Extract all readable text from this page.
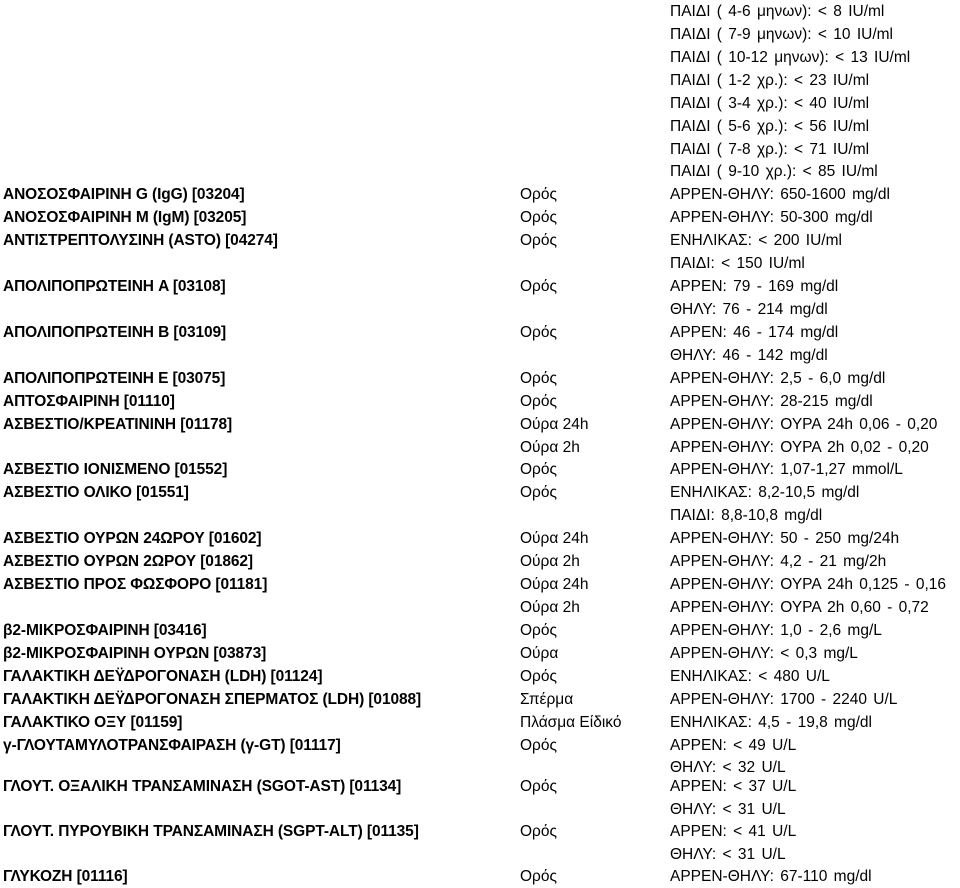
ΠΑΙΔΙ ( 4-6 μηνων): < 8 IU/ml
ΠΑΙΔΙ ( 7-9 μηνων): < 10 IU/ml
ΠΑΙΔΙ ( 10-12 μηνων): < 13 IU/ml
ΠΑΙΔΙ ( 1-2 χρ.): < 23 IU/ml
ΠΑΙΔΙ ( 3-4 χρ.): < 40 IU/ml
ΠΑΙΔΙ ( 5-6 χρ.): < 56 IU/ml
ΠΑΙΔΙ ( 7-8 χρ.): < 71 IU/ml
ΠΑΙΔΙ ( 9-10 χρ.): < 85 IU/ml
ΑΝΟΣΟΣΦΑΙΡΙΝΗ G (IgG) [03204]	Ορός	ΑΡΡΕΝ-ΘΗΛΥ: 650-1600 mg/dl
ΑΝΟΣΟΣΦΑΙΡΙΝΗ M (IgM) [03205]	Ορός	ΑΡΡΕΝ-ΘΗΛΥ: 50-300 mg/dl
ΑΝΤΙΣΤΡΕΠΤΟΛΥΣΙΝΗ (ASTO) [04274]	Ορός	ΕΝΗΛΙΚΑΣ: < 200 IU/ml
ΠΑΙΔΙ: < 150 IU/ml
ΑΠΟΛΙΠΟΠΡΩΤΕΙΝΗ A [03108]	Ορός	ΑΡΡΕΝ: 79 - 169 mg/dl
ΘΗΛΥ: 76 - 214 mg/dl
ΑΠΟΛΙΠΟΠΡΩΤΕΙΝΗ B [03109]	Ορός	ΑΡΡΕΝ: 46 - 174 mg/dl
ΘΗΛΥ: 46 - 142 mg/dl
ΑΠΟΛΙΠΟΠΡΩΤΕΙΝΗ E [03075]	Ορός	ΑΡΡΕΝ-ΘΗΛΥ: 2,5 - 6,0 mg/dl
ΑΠΤΟΣΦΑΙΡΙΝΗ [01110]	Ορός	ΑΡΡΕΝ-ΘΗΛΥ: 28-215 mg/dl
ΑΣΒΕΣΤΙΟ/ΚΡΕΑΤΙΝΙΝΗ [01178]	Ούρα 24h	ΑΡΡΕΝ-ΘΗΛΥ: ΟΥΡΑ 24h 0,06 - 0,20
Ούρα 2h	ΑΡΡΕΝ-ΘΗΛΥ: ΟΥΡΑ 2h 0,02 - 0,20
ΑΣΒΕΣΤΙΟ ΙΟΝΙΣΜΕΝΟ [01552]	Ορός	ΑΡΡΕΝ-ΘΗΛΥ: 1,07-1,27 mmol/L
ΑΣΒΕΣΤΙΟ ΟΛΙΚΟ [01551]	Ορός	ΕΝΗΛΙΚΑΣ: 8,2-10,5 mg/dl
ΠΑΙΔΙ: 8,8-10,8 mg/dl
ΑΣΒΕΣΤΙΟ ΟΥΡΩΝ 24ΩΡΟΥ [01602]	Ούρα 24h	ΑΡΡΕΝ-ΘΗΛΥ: 50 - 250 mg/24h
ΑΣΒΕΣΤΙΟ ΟΥΡΩΝ 2ΩΡΟΥ [01862]	Ούρα 2h	ΑΡΡΕΝ-ΘΗΛΥ: 4,2 - 21 mg/2h
ΑΣΒΕΣΤΙΟ ΠΡΟΣ ΦΩΣΦΟΡΟ [01181]	Ούρα 24h	ΑΡΡΕΝ-ΘΗΛΥ: ΟΥΡΑ 24h 0,125 - 0,16
Ούρα 2h	ΑΡΡΕΝ-ΘΗΛΥ: ΟΥΡΑ 2h 0,60 - 0,72
β2-ΜΙΚΡΟΣΦΑΙΡΙΝΗ [03416]	Ορός	ΑΡΡΕΝ-ΘΗΛΥ: 1,0 - 2,6 mg/L
β2-ΜΙΚΡΟΣΦΑΙΡΙΝΗ ΟΥΡΩΝ [03873]	Ούρα	ΑΡΡΕΝ-ΘΗΛΥ: < 0,3 mg/L
ΓΑΛΑΚΤΙΚΗ ΔΕΫΔΡΟΓΟΝΑΣΗ (LDH) [01124]	Ορός	ΕΝΗΛΙΚΑΣ: < 480 U/L
ΓΑΛΑΚΤΙΚΗ ΔΕΫΔΡΟΓΟΝΑΣΗ ΣΠΕΡΜΑΤΟΣ (LDH) [01088]	Σπέρμα	ΑΡΡΕΝ-ΘΗΛΥ: 1700 - 2240 U/L
ΓΑΛΑΚΤΙΚΟ ΟΞΥ [01159]	Πλάσμα Είδικό	ΕΝΗΛΙΚΑΣ: 4,5 - 19,8 mg/dl
γ-ΓΛΟΥΤΑΜΥΛΟΤΡΑΝΣΦΑΙΡΑΣΗ (γ-GT) [01117]	Ορός	ΑΡΡΕΝ: < 49 U/L
ΘΗΛΥ: < 32 U/L
ΓΛΟΥΤ. ΟΞΑΛΙΚΗ ΤΡΑΝΣΑΜΙΝΑΣΗ (SGOT-AST) [01134]	Ορός	ΑΡΡΕΝ: < 37 U/L
ΘΗΛΥ: < 31 U/L
ΓΛΟΥΤ. ΠΥΡΟΥΒΙΚΗ ΤΡΑΝΣΑΜΙΝΑΣΗ (SGPT-ALT) [01135]	Ορός	ΑΡΡΕΝ: < 41 U/L
ΘΗΛΥ: < 31 U/L
ΓΛΥΚΟΖΗ [01116]	Ορός	ΑΡΡΕΝ-ΘΗΛΥ: 67-110 mg/dl
